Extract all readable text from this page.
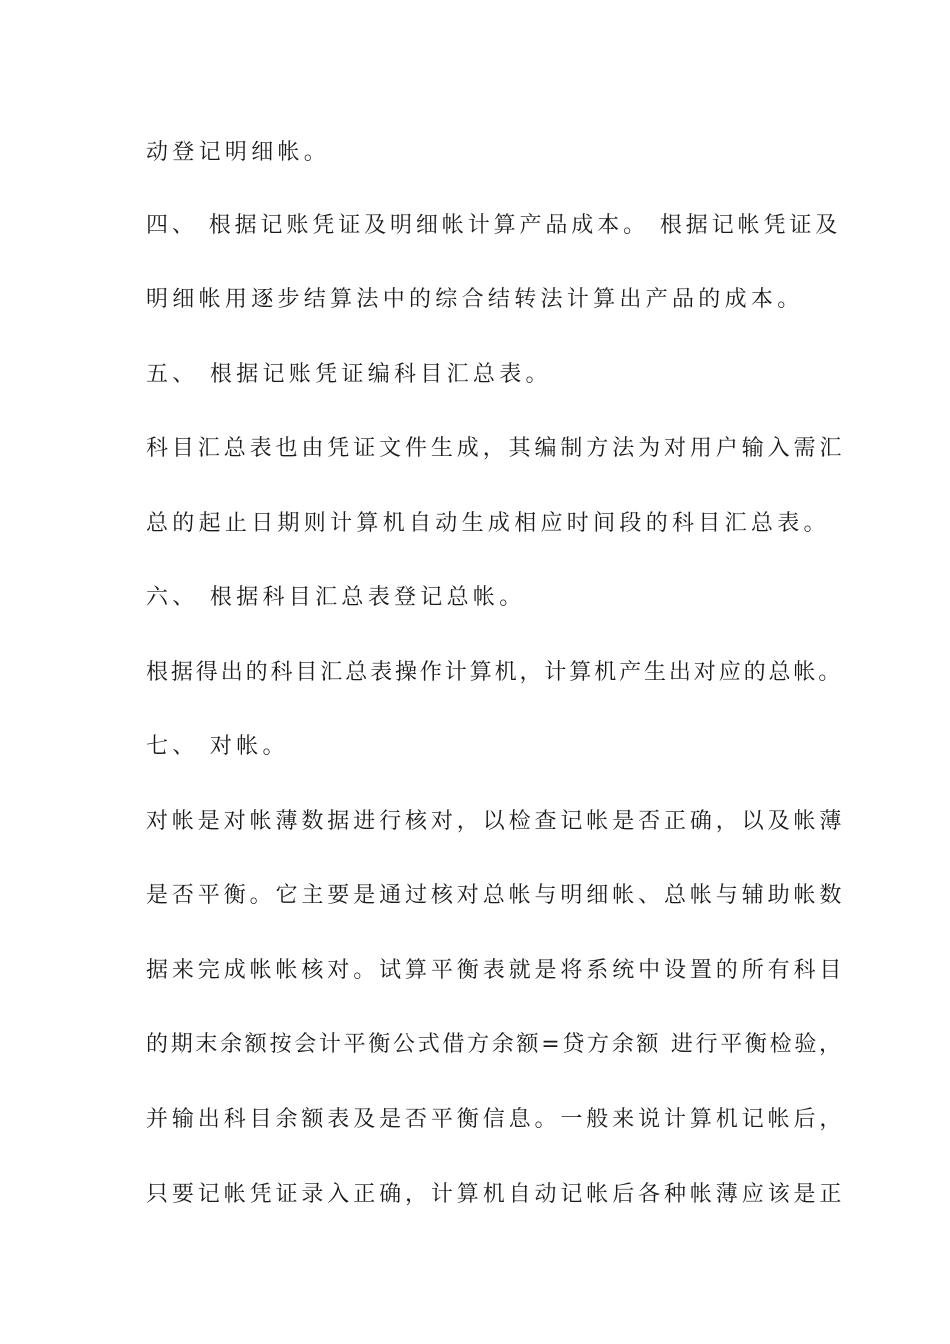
动登记明细帐。
四、 根据记账凭证及明细帐计算产品成本。 根据记帐凭证及
明细帐用逐步结算法中的综合结转法计算出产品的成本。
五、 根据记账凭证编科目汇总表。
科目汇总表也由凭证文件生成，其编制方法为对用户输入需汇
总的起止日期则计算机自动生成相应时间段的科目汇总表。
六、 根据科目汇总表登记总帐。
根据得出的科目汇总表操作计算机，计算机产生出对应的总帐。
七、 对帐。
对帐是对帐薄数据进行核对，以检查记帐是否正确，以及帐薄
是否平衡。它主要是通过核对总帐与明细帐、总帐与辅助帐数
据来完成帐帐核对。试算平衡表就是将系统中设置的所有科目
的期末余额按会计平衡公式借方余额=贷方余额 进行平衡检验，
并输出科目余额表及是否平衡信息。一般来说计算机记帐后，
只要记帐凭证录入正确，计算机自动记帐后各种帐薄应该是正
